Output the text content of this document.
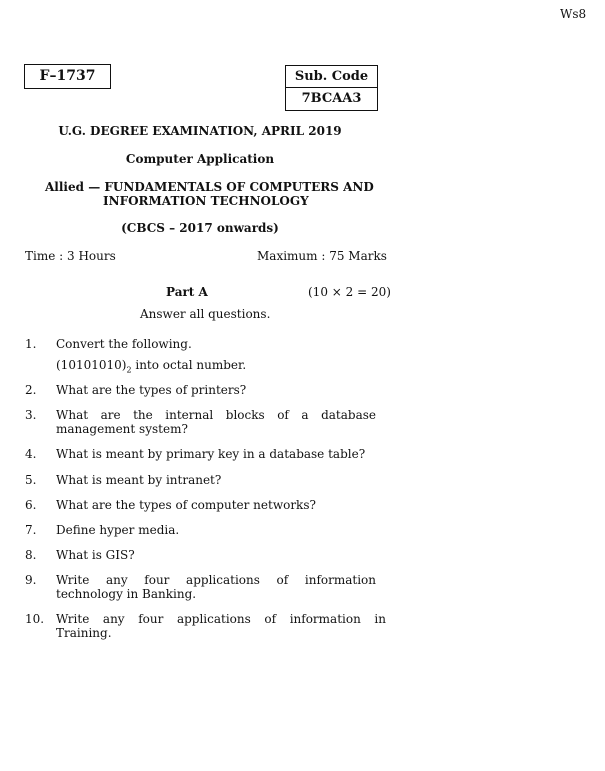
Ws8
F–1737	Sub. Code
7BCAA3
U.G. DEGREE EXAMINATION, APRIL 2019
Computer Application
Allied — FUNDAMENTALS OF COMPUTERS AND
INFORMATION TECHNOLOGY
(CBCS – 2017 onwards)
Time : 3 Hours	Maximum : 75 Marks
Part A	(10 × 2 = 20)
Answer all questions.
1.	Convert the following.
$(10101010)_2$ into octal number.
2.	What are the types of printers?
3.	What are the internal blocks of a database management system?
4.	What is meant by primary key in a database table?
5.	What is meant by intranet?
6.	What are the types of computer networks?
7.	Define hyper media.
8.	What is GIS?
9.	Write any four applications of information technology in Banking.
10. Write any four applications of information in Training.
